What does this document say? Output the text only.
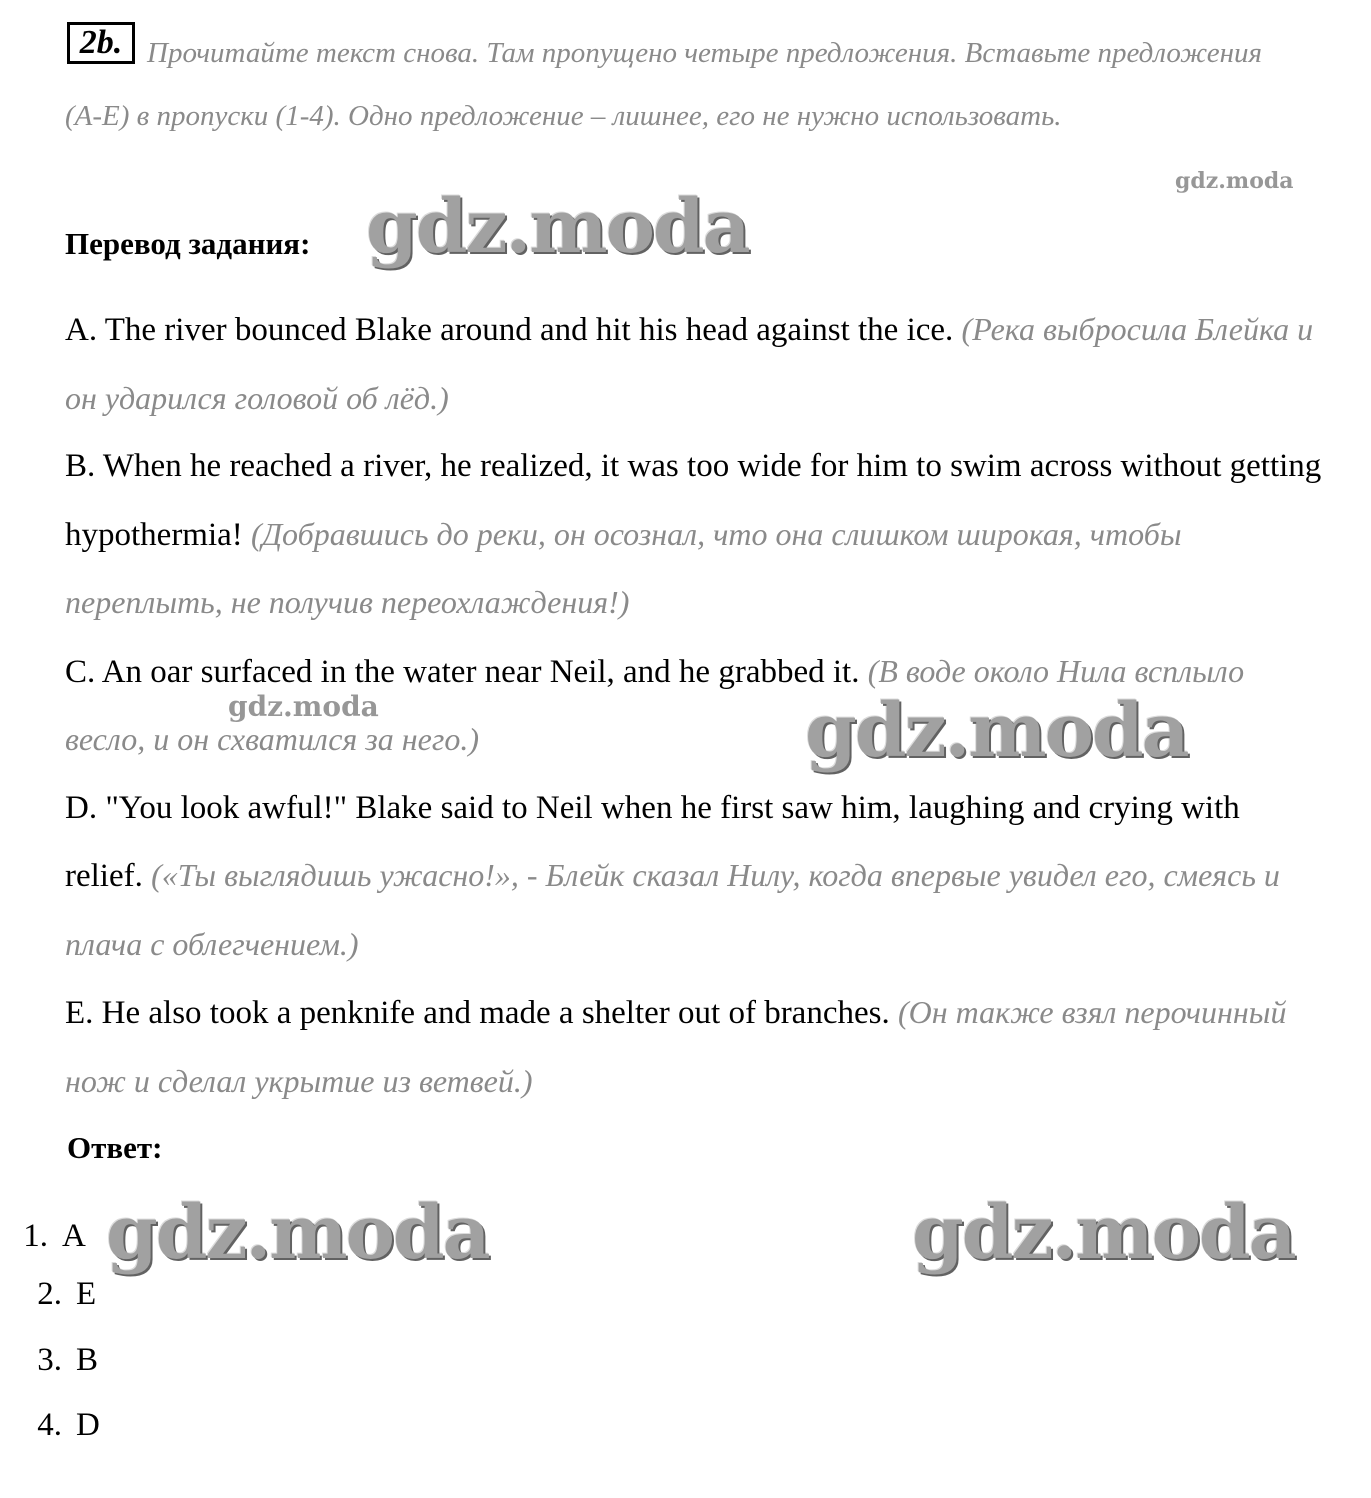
2b. Прочитайте текст снова. Там пропущено четыре предложения. Вставьте предложения (A-E) в пропуски (1-4). Одно предложение – лишнее, его не нужно использовать.
Перевод задания:

A. The river bounced Blake around and hit his head against the ice. (Река выбросила Блейка и он ударился головой об лёд.)

B. When he reached a river, he realized, it was too wide for him to swim across without getting hypothermia! (Добравшись до реки, он осознал, что она слишком широкая, чтобы переплыть, не получив переохлаждения!)

C. An oar surfaced in the water near Neil, and he grabbed it. (В воде около Нила всплыло весло, и он схватился за него.)

D. "You look awful!" Blake said to Neil when he first saw him, laughing and crying with relief. («Ты выглядишь ужасно!», - Блейк сказал Нилу, когда впервые увидел его, смеясь и плача с облегчением.)

E. He also took a penknife and made a shelter out of branches. (Он также взял перочинный нож и сделал укрытие из ветвей.)

Ответ:
1. A
2. E
3. B
4. D
gdz.moda
gdz.moda
gdz.moda	gdz.moda
gdz.moda	gdz.moda
